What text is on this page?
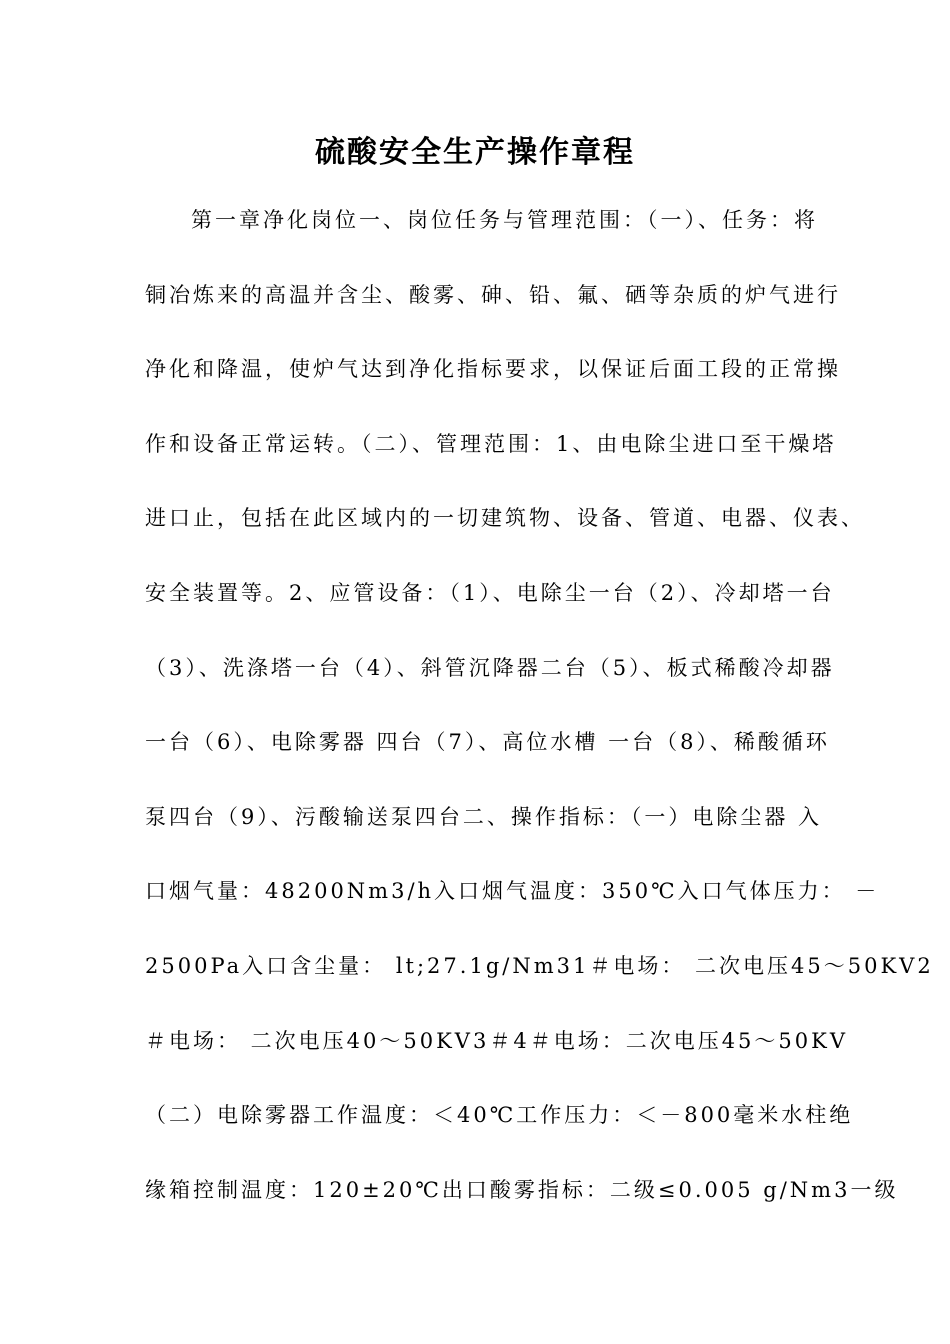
硫酸安全生产操作章程
第一章净化岗位一、岗位任务与管理范围：（一）、任务：将
铜冶炼来的高温并含尘、酸雾、砷、铅、氟、硒等杂质的炉气进行
净化和降温，使炉气达到净化指标要求，以保证后面工段的正常操
作和设备正常运转。（二）、管理范围：1、由电除尘进口至干燥塔
进口止，包括在此区域内的一切建筑物、设备、管道、电器、仪表、
安全装置等。2、应管设备：（1）、电除尘一台（2）、冷却塔一台
（3）、洗涤塔一台（4）、斜管沉降器二台（5）、板式稀酸冷却器
一台（6）、电除雾器 四台（7）、高位水槽 一台（8）、稀酸循环
泵四台（9）、污酸输送泵四台二、操作指标：（一）电除尘器 入
口烟气量：48200Nm3/h入口烟气温度：350℃入口气体压力： －
2500Pa入口含尘量： lt;27.1g/Nm31＃电场： 二次电压45～50KV2
＃电场： 二次电压40～50KV3＃4＃电场：二次电压45～50KV
（二）电除雾器工作温度：＜40℃工作压力：＜－800毫米水柱绝
缘箱控制温度：120±20℃出口酸雾指标：二级≤0.005 g/Nm3一级
